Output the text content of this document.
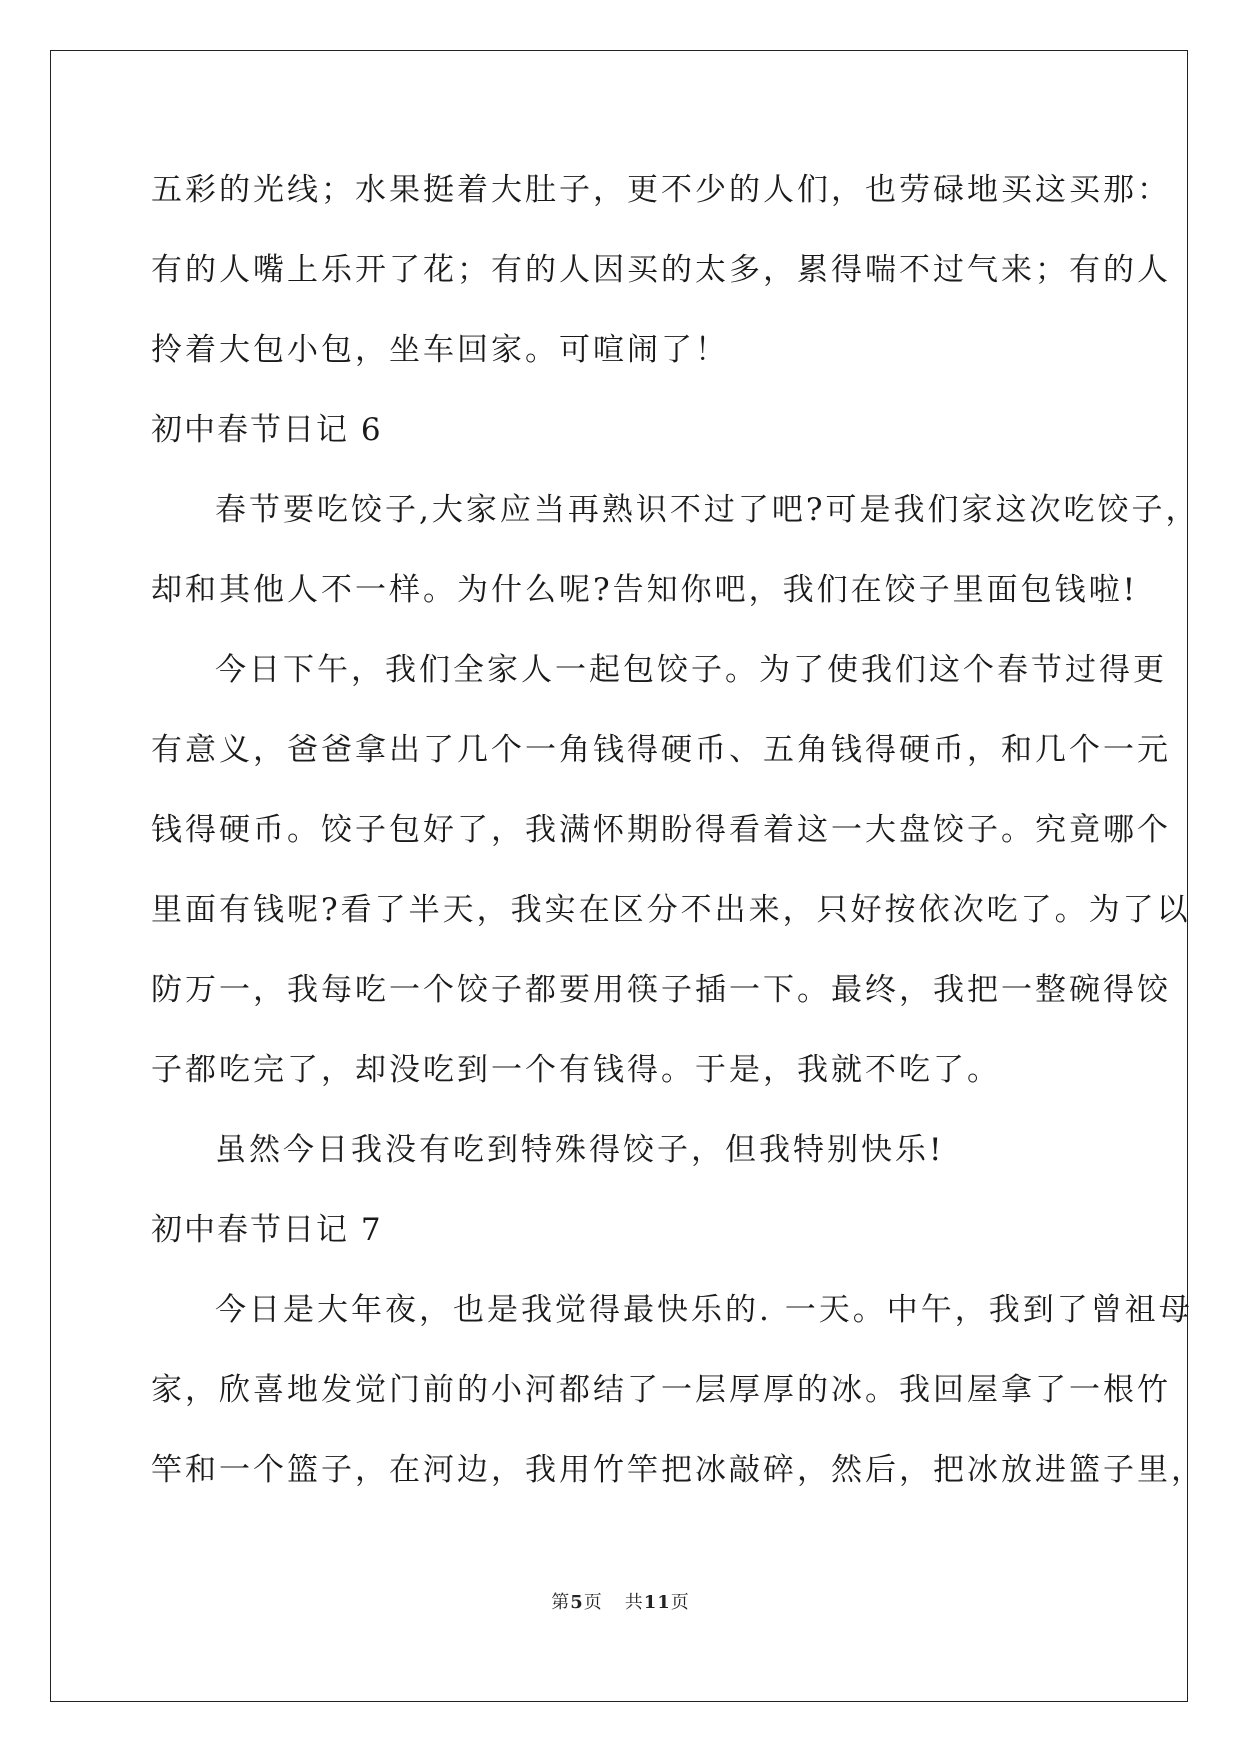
五彩的光线；水果挺着大肚子，更不少的人们，也劳碌地买这买那：
有的人嘴上乐开了花；有的人因买的太多，累得喘不过气来；有的人
拎着大包小包，坐车回家。可喧闹了！
初中春节日记 6
春节要吃饺子,大家应当再熟识不过了吧?可是我们家这次吃饺子，
却和其他人不一样。为什么呢?告知你吧，我们在饺子里面包钱啦!
今日下午，我们全家人一起包饺子。为了使我们这个春节过得更
有意义，爸爸拿出了几个一角钱得硬币、五角钱得硬币，和几个一元
钱得硬币。饺子包好了，我满怀期盼得看着这一大盘饺子。究竟哪个
里面有钱呢?看了半天，我实在区分不出来，只好按依次吃了。为了以
防万一，我每吃一个饺子都要用筷子插一下。最终，我把一整碗得饺
子都吃完了，却没吃到一个有钱得。于是，我就不吃了。
虽然今日我没有吃到特殊得饺子，但我特别快乐!
初中春节日记 7
今日是大年夜，也是我觉得最快乐的. 一天。中午，我到了曾祖母
家，欣喜地发觉门前的小河都结了一层厚厚的冰。我回屋拿了一根竹
竿和一个篮子，在河边，我用竹竿把冰敲碎，然后，把冰放进篮子里，
第5页 共11页
